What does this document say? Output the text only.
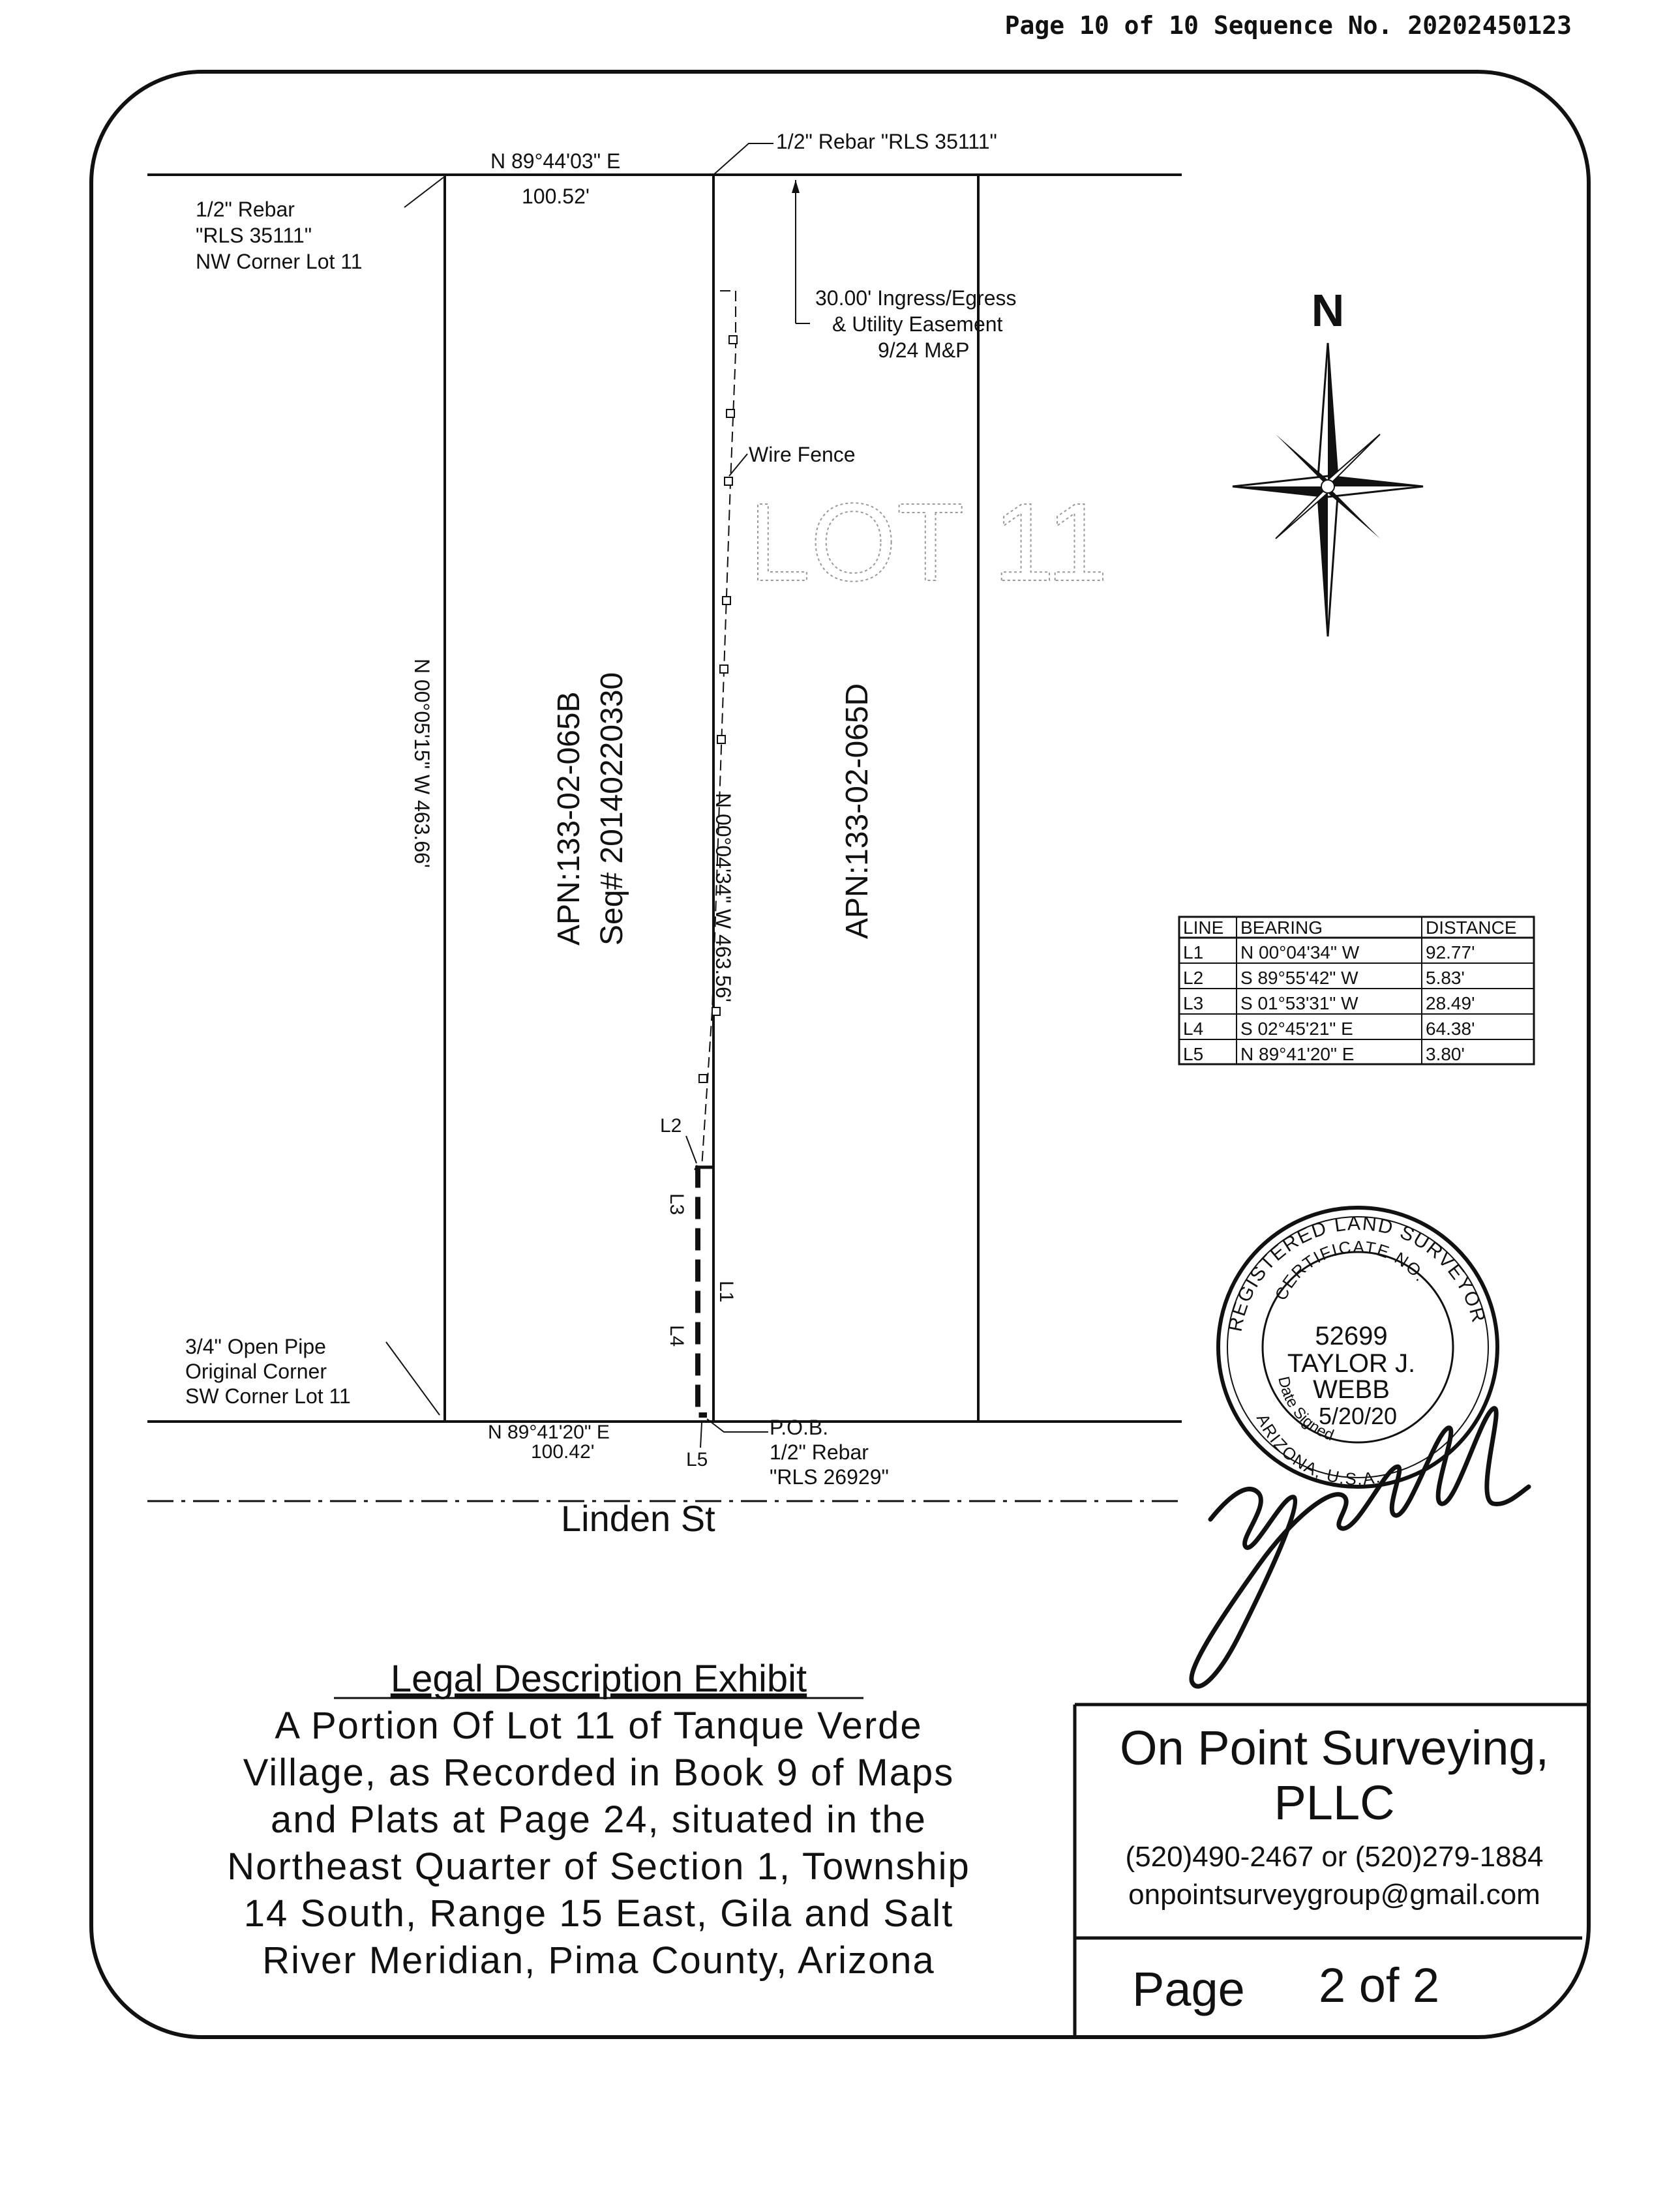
Page 10 of 10 Sequence No. 20202450123
N 89°44'03" E
100.52'
1/2" Rebar "RLS 35111"
1/2" Rebar
"RLS 35111"
NW Corner Lot 11
30.00' Ingress/Egress
& Utility Easement
9/24 M&P
Wire Fence
LOT 11
N
N 00°05'15" W 463.66'	APN:133-02-065B Seq# 20140220330	APN:133-02-065D
N 00°04'34" W 463.56'
L2
L3
L1
L4
L5
3/4" Open Pipe
Original Corner
SW Corner Lot 11
N 89°41'20" E
100.42'
P.O.B.
1/2" Rebar
"RLS 26929"
Linden St
LINE BEARING	DISTANCE
L1 N 00°04'34" W	92.77'
L2 S 89°55'42" W	5.83'
L3 S 01°53'31" W	28.49'
L4 S 02°45'21" E	64.38'
L5 N 89°41'20" E	3.80'
REGISTERED LAND SURVEYOR
CERTIFICATE NO.
ARIZONA, U.S.A.
Date Signed
52699
TAYLOR J.
WEBB
5/20/20
Legal Description Exhibit
A Portion Of Lot 11 of Tanque Verde
Village, as Recorded in Book 9 of Maps
and Plats at Page 24, situated in the
Northeast Quarter of Section 1, Township
14 South, Range 15 East, Gila and Salt
River Meridian, Pima County, Arizona
On Point Surveying,
PLLC
(520)490-2467 or (520)279-1884
onpointsurveygroup@gmail.com
Page 2 of 2
